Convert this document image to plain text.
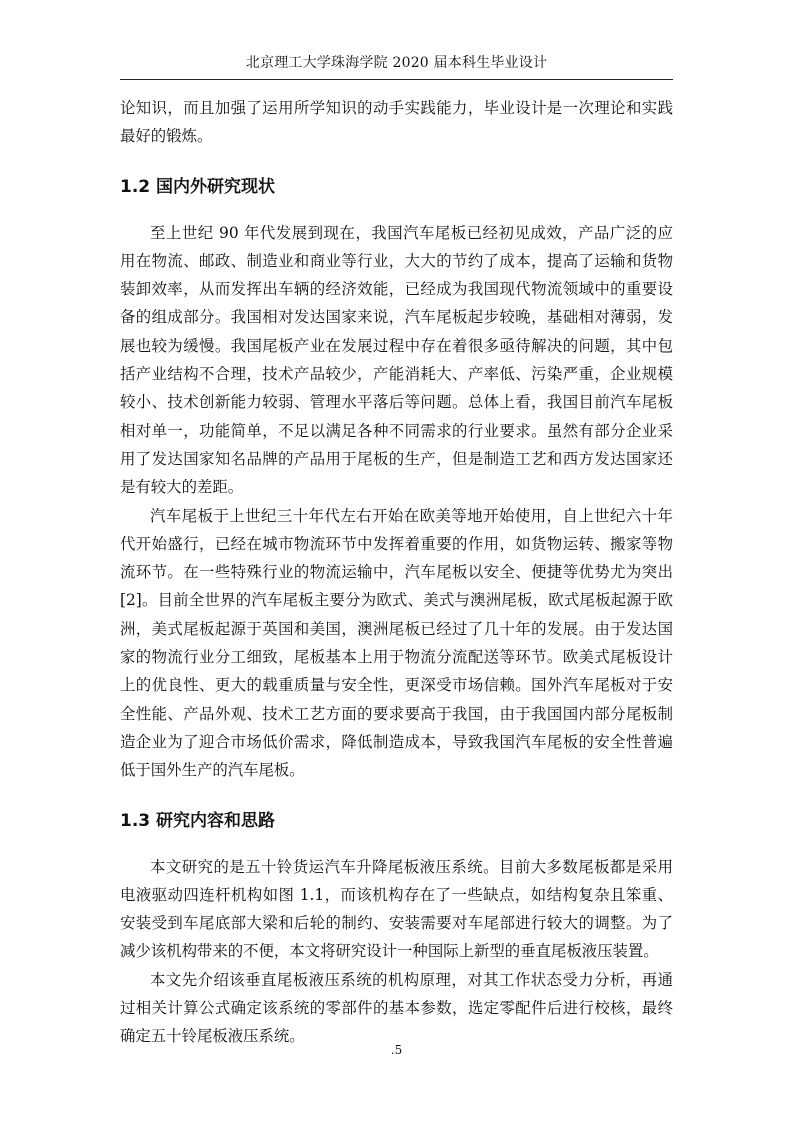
北京理工大学珠海学院 2020 届本科生毕业设计
论知识，而且加强了运用所学知识的动手实践能力，毕业设计是一次理论和实践
最好的锻炼。
1.2 国内外研究现状
至上世纪 90 年代发展到现在，我国汽车尾板已经初见成效，产品广泛的应
用在物流、邮政、制造业和商业等行业，大大的节约了成本，提高了运输和货物
装卸效率，从而发挥出车辆的经济效能，已经成为我国现代物流领域中的重要设
备的组成部分。我国相对发达国家来说，汽车尾板起步较晚，基础相对薄弱，发
展也较为缓慢。我国尾板产业在发展过程中存在着很多亟待解决的问题，其中包
括产业结构不合理，技术产品较少，产能消耗大、产率低、污染严重，企业规模
较小、技术创新能力较弱、管理水平落后等问题。总体上看，我国目前汽车尾板
相对单一，功能简单，不足以满足各种不同需求的行业要求。虽然有部分企业采
用了发达国家知名品牌的产品用于尾板的生产，但是制造工艺和西方发达国家还
是有较大的差距。
汽车尾板于上世纪三十年代左右开始在欧美等地开始使用，自上世纪六十年
代开始盛行，已经在城市物流环节中发挥着重要的作用，如货物运转、搬家等物
流环节。在一些特殊行业的物流运输中，汽车尾板以安全、便捷等优势尤为突出
[2]。目前全世界的汽车尾板主要分为欧式、美式与澳洲尾板，欧式尾板起源于欧
洲，美式尾板起源于英国和美国，澳洲尾板已经过了几十年的发展。由于发达国
家的物流行业分工细致，尾板基本上用于物流分流配送等环节。欧美式尾板设计
上的优良性、更大的载重质量与安全性，更深受市场信赖。国外汽车尾板对于安
全性能、产品外观、技术工艺方面的要求要高于我国，由于我国国内部分尾板制
造企业为了迎合市场低价需求，降低制造成本，导致我国汽车尾板的安全性普遍
低于国外生产的汽车尾板。
1.3 研究内容和思路
本文研究的是五十铃货运汽车升降尾板液压系统。目前大多数尾板都是采用
电液驱动四连杆机构如图 1.1，而该机构存在了一些缺点，如结构复杂且笨重、
安装受到车尾底部大梁和后轮的制约、安装需要对车尾部进行较大的调整。为了
减少该机构带来的不便，本文将研究设计一种国际上新型的垂直尾板液压装置。
本文先介绍该垂直尾板液压系统的机构原理，对其工作状态受力分析，再通
过相关计算公式确定该系统的零部件的基本参数，选定零配件后进行校核，最终
确定五十铃尾板液压系统。
.5
